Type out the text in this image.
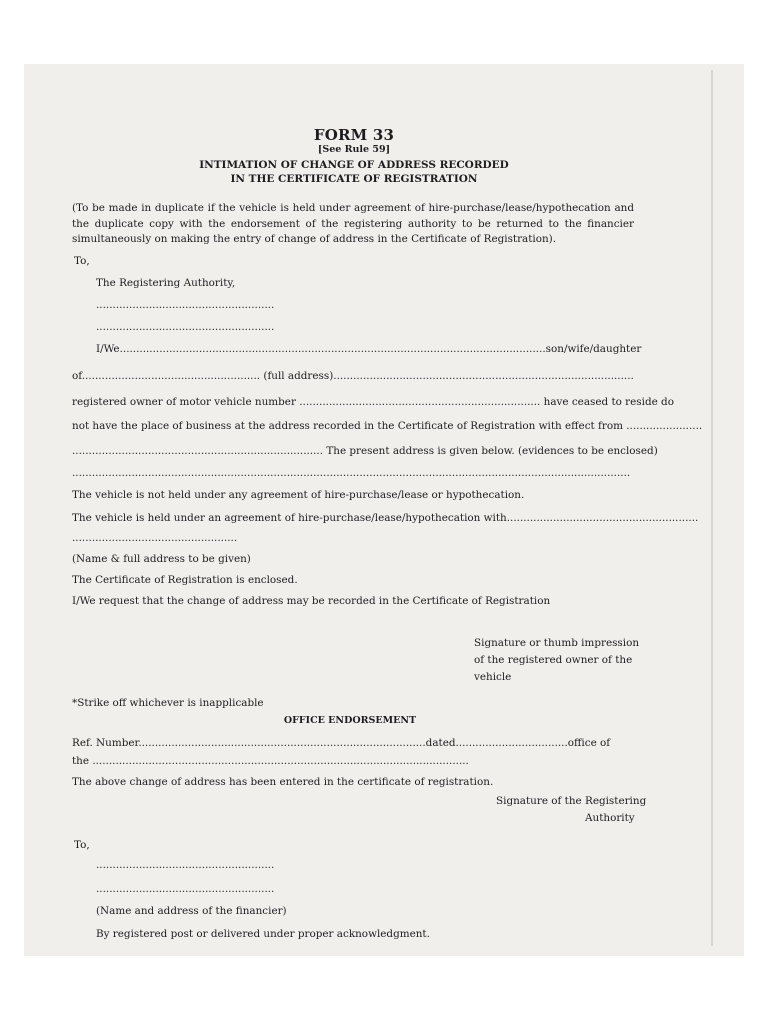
FORM 33
[See Rule 59]
INTIMATION OF CHANGE OF ADDRESS RECORDED
IN THE CERTIFICATE OF REGISTRATION
(To be made in duplicate if the vehicle is held under agreement of hire-purchase/lease/hypothecation and the duplicate copy with the endorsement of the registering authority to be returned to the financier simultaneously on making the entry of change of address in the Certificate of Registration).
To,
The Registering Authority,
......................................................
......................................................
I/We.................................................................................................................................son/wife/daughter
of...................................................... (full address)...........................................................................................
registered owner of motor vehicle number ......................................................................... have ceased to reside do
not have the place of business at the address recorded in the Certificate of Registration with effect from .......................
............................................................................ The present address is given below. (evidences to be enclosed)
.........................................................................................................................................................................
The vehicle is not held under any agreement of hire-purchase/lease or hypothecation.
The vehicle is held under an agreement of hire-purchase/lease/hypothecation with..........................................................
..................................................
(Name & full address to be given)
The Certificate of Registration is enclosed.
I/We request that the change of address may be recorded in the Certificate of Registration
Signature or thumb impression
of the registered owner of the
vehicle
*Strike off whichever is inapplicable
OFFICE ENDORSEMENT
Ref. Number.......................................................................................dated..................................office of
the ..................................................................................................................
The above change of address has been entered in the certificate of registration.
Signature of the Registering
Authority
To,
......................................................
......................................................
(Name and address of the financier)
By registered post or delivered under proper acknowledgment.
